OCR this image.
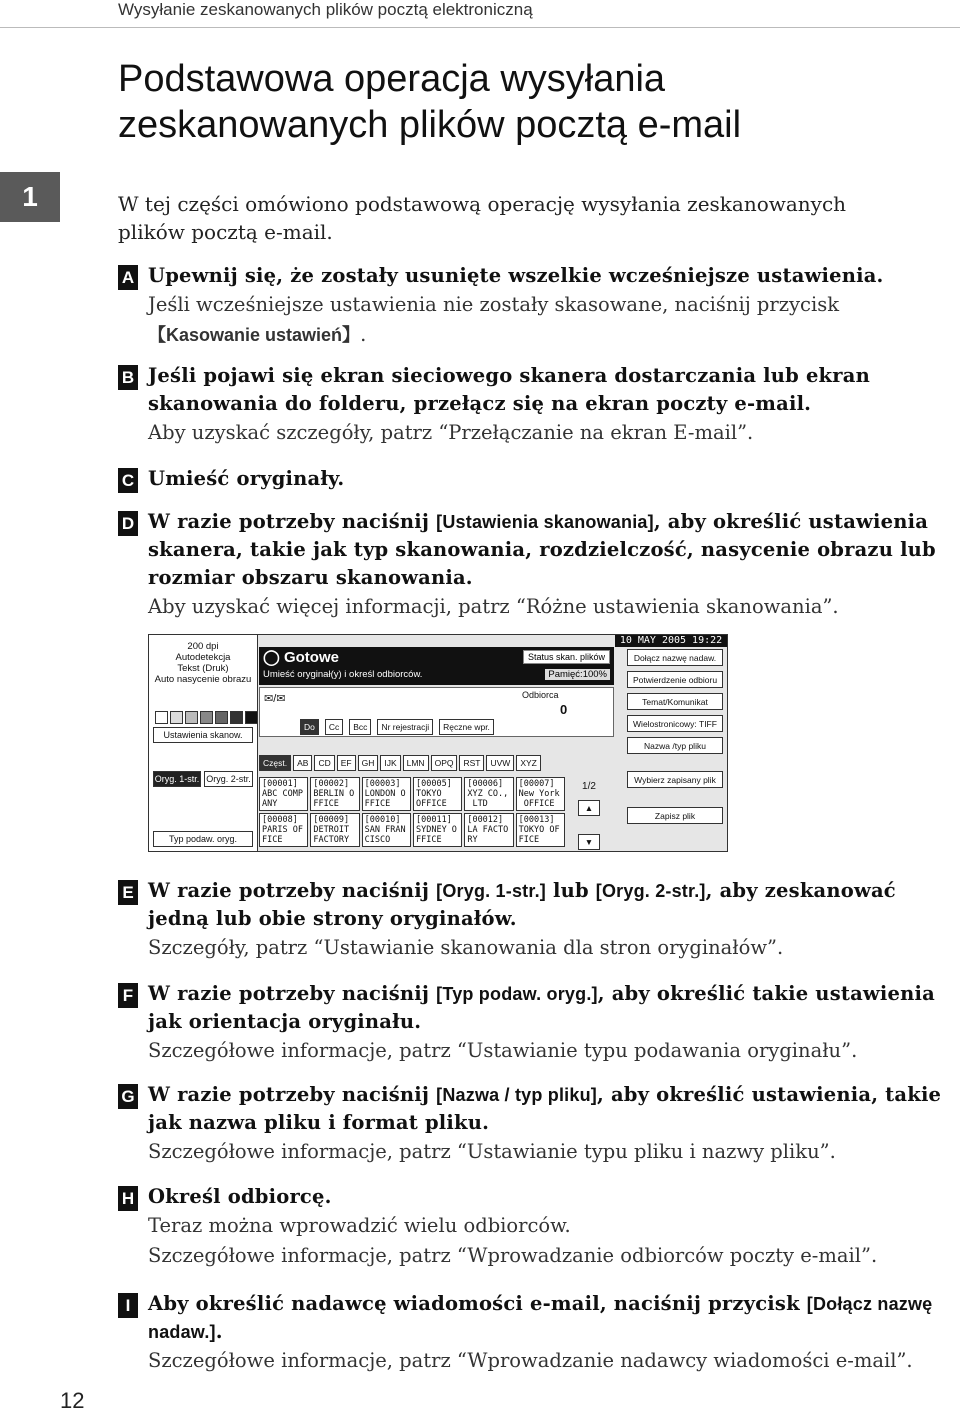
Wysyłanie zeskanowanych plików pocztą elektroniczną
Podstawowa operacja wysyłania zeskanowanych plików pocztą e-mail
1	W tej części omówiono podstawową operację wysyłania zeskanowanych plików pocztą e-mail.
A Upewnij się, że zostały usunięte wszelkie wcześniejsze ustawienia.
Jeśli wcześniejsze ustawienia nie zostały skasowane, naciśnij przycisk
【Kasowanie ustawień】.
B Jeśli pojawi się ekran sieciowego skanera dostarczania lub ekran skanowania do folderu, przełącz się na ekran poczty e-mail.
Aby uzyskać szczegóły, patrz “Przełączanie na ekran E-mail”.
C Umieść oryginały.
D W razie potrzeby naciśnij [Ustawienia skanowania], aby określić ustawienia skanera, takie jak typ skanowania, rozdzielczość, nasycenie obrazu lub rozmiar obszaru skanowania.
Aby uzyskać więcej informacji, patrz “Różne ustawienia skanowania”.
10 MAY 2005 19:22
200 dpi
Autodetekcja
Tekst (Druk)
Auto nasycenie obrazu
Ustawienia skanow.
Oryg. 1-str. Oryg. 2-str.
Typ podaw. oryg.
◯ Gotowe
Umieść oryginał(y) i określ odbiorców.
Status skan. plików
Pamięć:100%
✉/✉	Odbiorca
0
Do	Cc	Bcc	Nr rejestracji	Ręczne wpr.
Częst.	AB	CD	EF	GH	IJK	LMN	OPQ	RST	UVW	XYZ
[00001]
ABC COMP
ANY
[00002]
BERLIN O
FFICE
[00003]
LONDON O
FFICE
[00005]
TOKYO
OFFICE
[00006]
XYZ CO.,
LTD
[00007]
New York
OFFICE
[00008]
PARIS OF
FICE
[00009]
DETROIT
FACTORY
[00010]
SAN FRAN
CISCO
[00011]
SYDNEY O
FFICE
[00012]
LA FACTO
RY
[00013]
TOKYO OF
FICE
1/2
▲
▼
Dołącz nazwę nadaw.
Potwierdzenie odbioru
Temat/Komunikat
Wielostronicowy: TIFF
Nazwa /typ pliku
Wybierz zapisany plik
Zapisz plik
E W razie potrzeby naciśnij [Oryg. 1-str.] lub [Oryg. 2-str.], aby zeskanować jedną lub obie strony oryginałów.
Szczegóły, patrz “Ustawianie skanowania dla stron oryginałów”.
F W razie potrzeby naciśnij [Typ podaw. oryg.], aby określić takie ustawienia jak orientacja oryginału.
Szczegółowe informacje, patrz “Ustawianie typu podawania oryginału”.
G W razie potrzeby naciśnij [Nazwa / typ pliku], aby określić ustawienia, takie jak nazwa pliku i format pliku.
Szczegółowe informacje, patrz “Ustawianie typu pliku i nazwy pliku”.
H Określ odbiorcę.
Teraz można wprowadzić wielu odbiorców.
Szczegółowe informacje, patrz “Wprowadzanie odbiorców poczty e-mail”.
I Aby określić nadawcę wiadomości e-mail, naciśnij przycisk [Dołącz nazwę nadaw.].
Szczegółowe informacje, patrz “Wprowadzanie nadawcy wiadomości e-mail”.
12
